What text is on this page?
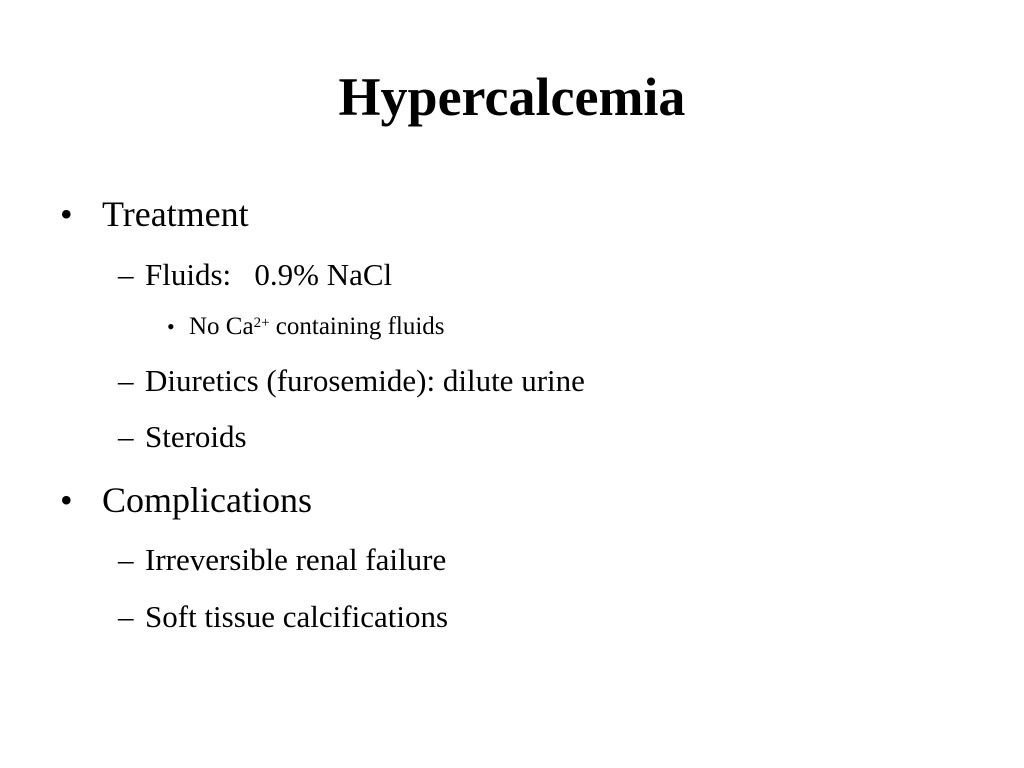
Hypercalcemia
• Treatment
– Fluids:   0.9% NaCl
• No $Ca^{2+}$ containing fluids
– Diuretics (furosemide): dilute urine
– Steroids
• Complications
– Irreversible renal failure
– Soft tissue calcifications
